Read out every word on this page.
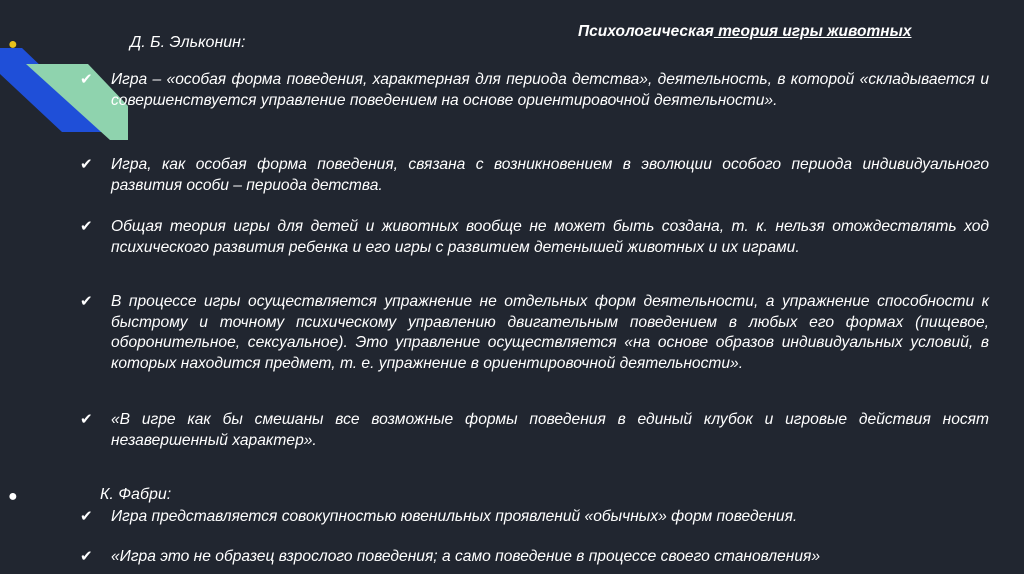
Психологическая теория игры животных
●	Д. Б. Эльконин:
✔	Игра – «особая форма поведения, характерная для периода детства», деятельность, в которой «складывается и совершенствуется управление поведением на основе ориентировочной деятельности».
✔	Игра, как особая форма поведения, связана с возникновением в эволюции особого периода индивидуального развития особи – периода детства.
✔	Общая теория игры для детей и животных вообще не может быть создана, т. к. нельзя отождествлять ход психического развития ребенка и его игры с развитием детенышей животных и их играми.
✔	В процессе игры осуществляется упражнение не отдельных форм деятельности, а упражнение способности к быстрому и точному психическому управлению двигательным поведением в любых его формах (пищевое, оборонительное, сексуальное). Это управление осуществляется «на основе образов индивидуальных условий, в которых находится предмет, т. е. упражнение в ориентировочной деятельности».
✔	«В игре как бы смешаны все возможные формы поведения в единый клубок и игровые действия носят незавершенный характер».
●	К. Фабри:
✔	Игра представляется совокупностью ювенильных проявлений «обычных» форм поведения.
✔	«Игра это не образец взрослого поведения; а само поведение в процессе своего становления»
